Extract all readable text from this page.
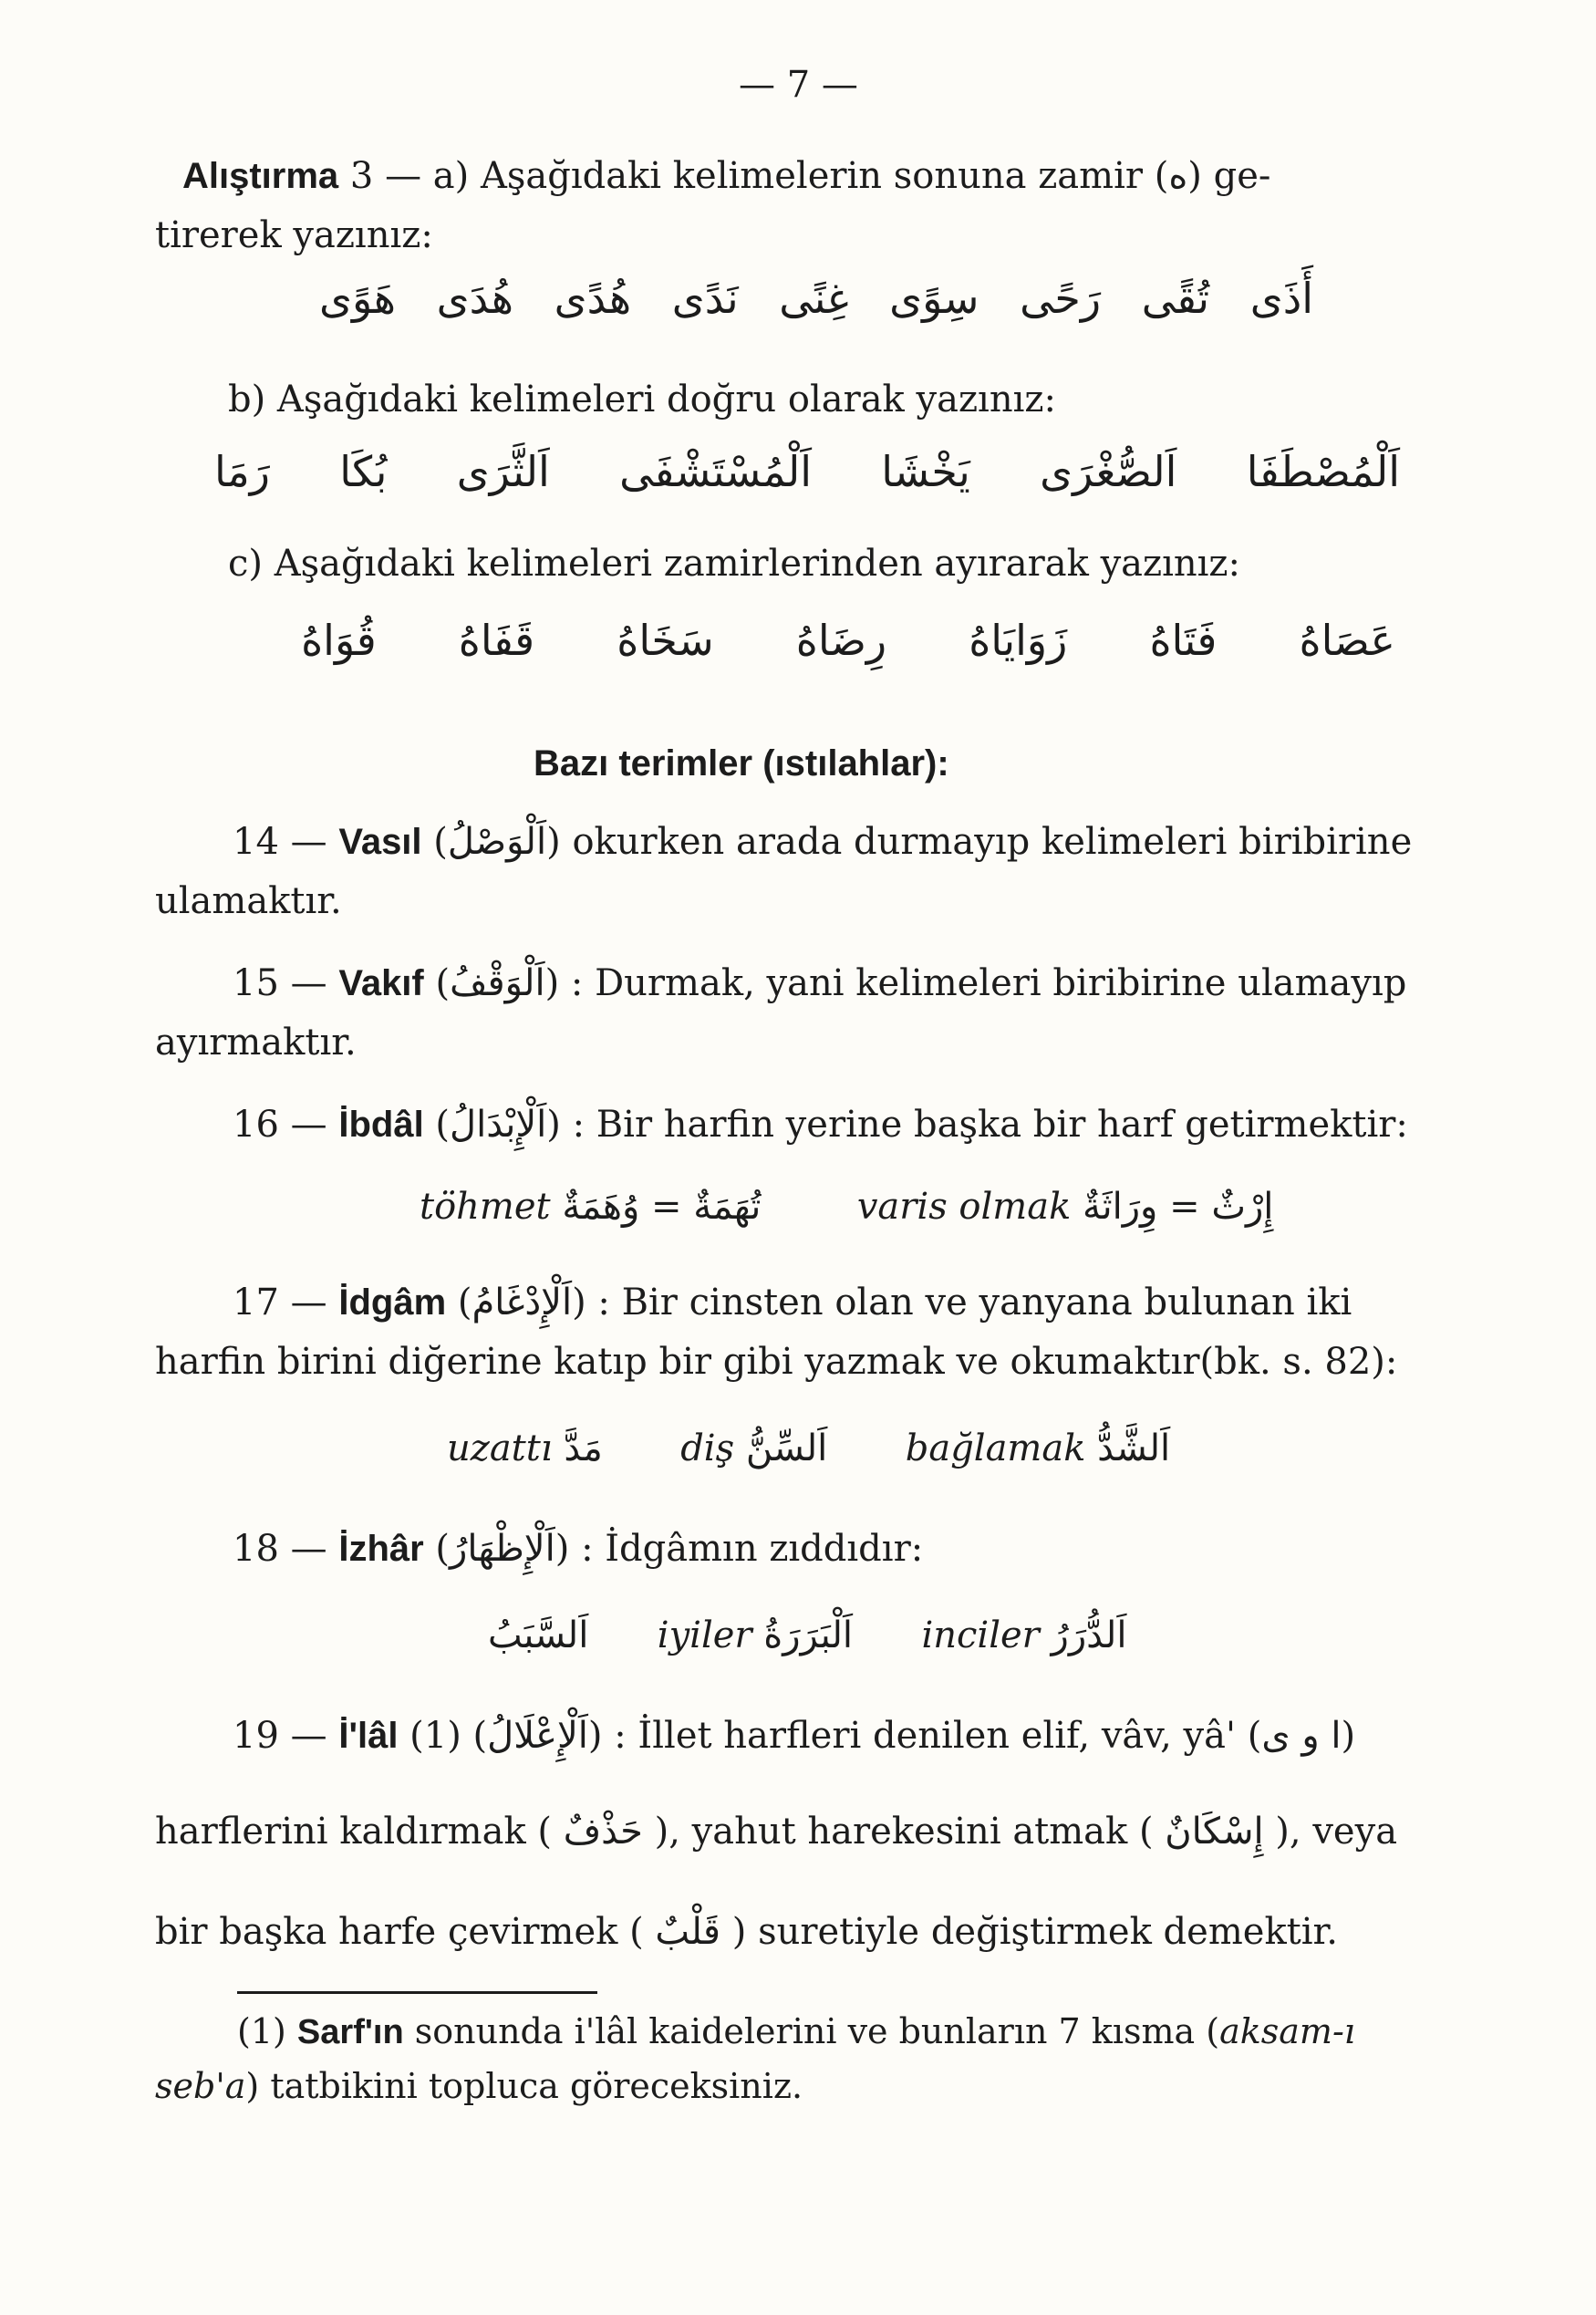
— 7 —
Alıştırma 3 — a) Aşağıdaki kelimelerin sonuna zamir (ه) ge-
tirerek yazınız:
أَذَى
تُقًى
رَحًى
سِوًى
غِنًى
نَدًى
هُدًى
هُدَى
هَوًى
b) Aşağıdaki kelimeleri doğru olarak yazınız:
اَلْمُصْطَفَا
اَلصُّغْرَى
يَخْشَا
اَلْمُسْتَشْفَى
اَلثَّرَى
بُكَا
رَمَا
c) Aşağıdaki kelimeleri zamirlerinden ayırarak yazınız:
عَصَاهُ
فَتَاهُ
زَوَايَاهُ
رِضَاهُ
سَخَاهُ
قَفَاهُ
قُوَاهُ
Bazı terimler (ıstılahlar):
14 — Vasıl (اَلْوَصْلُ) okurken arada durmayıp kelimeleri biribirine
ulamaktır.
15 — Vakıf (اَلْوَقْفُ) : Durmak, yani kelimeleri biribirine ulamayıp
ayırmaktır.
16 — İbdâl (اَلْإِبْدَالُ) : Bir harfin yerine başka bir harf getirmektir:
töhmet	تُهَمَةٌ = وُهَمَةٌ	varis olmak	إِرْثٌ = وِرَاثَةٌ
17 — İdgâm (اَلْإِدْغَامُ) : Bir cinsten olan ve yanyana bulunan iki
harfin birini diğerine katıp bir gibi yazmak ve okumaktır(bk. s. 82):
uzattı مَدَّ diş اَلسِّنُّ bağlamak اَلشَّدُّ
18 — İzhâr (اَلْإِظْهَارُ) : İdgâmın zıddıdır:
اَلسَّبَبُ iyiler اَلْبَرَرَةُ inciler اَلدُّرَرُ
19 — İ'lâl (1) (اَلْإِعْلَالُ) : İllet harfleri denilen elif, vâv, yâ' (ا و ى)
harflerini kaldırmak ( حَذْفٌ ), yahut harekesini atmak ( إِسْكَانٌ ), veya
bir başka harfe çevirmek ( قَلْبٌ ) suretiyle değiştirmek demektir.
(1) Sarf'ın sonunda i'lâl kaidelerini ve bunların 7 kısma (aksam-ı
seb'a) tatbikini topluca göreceksiniz.
